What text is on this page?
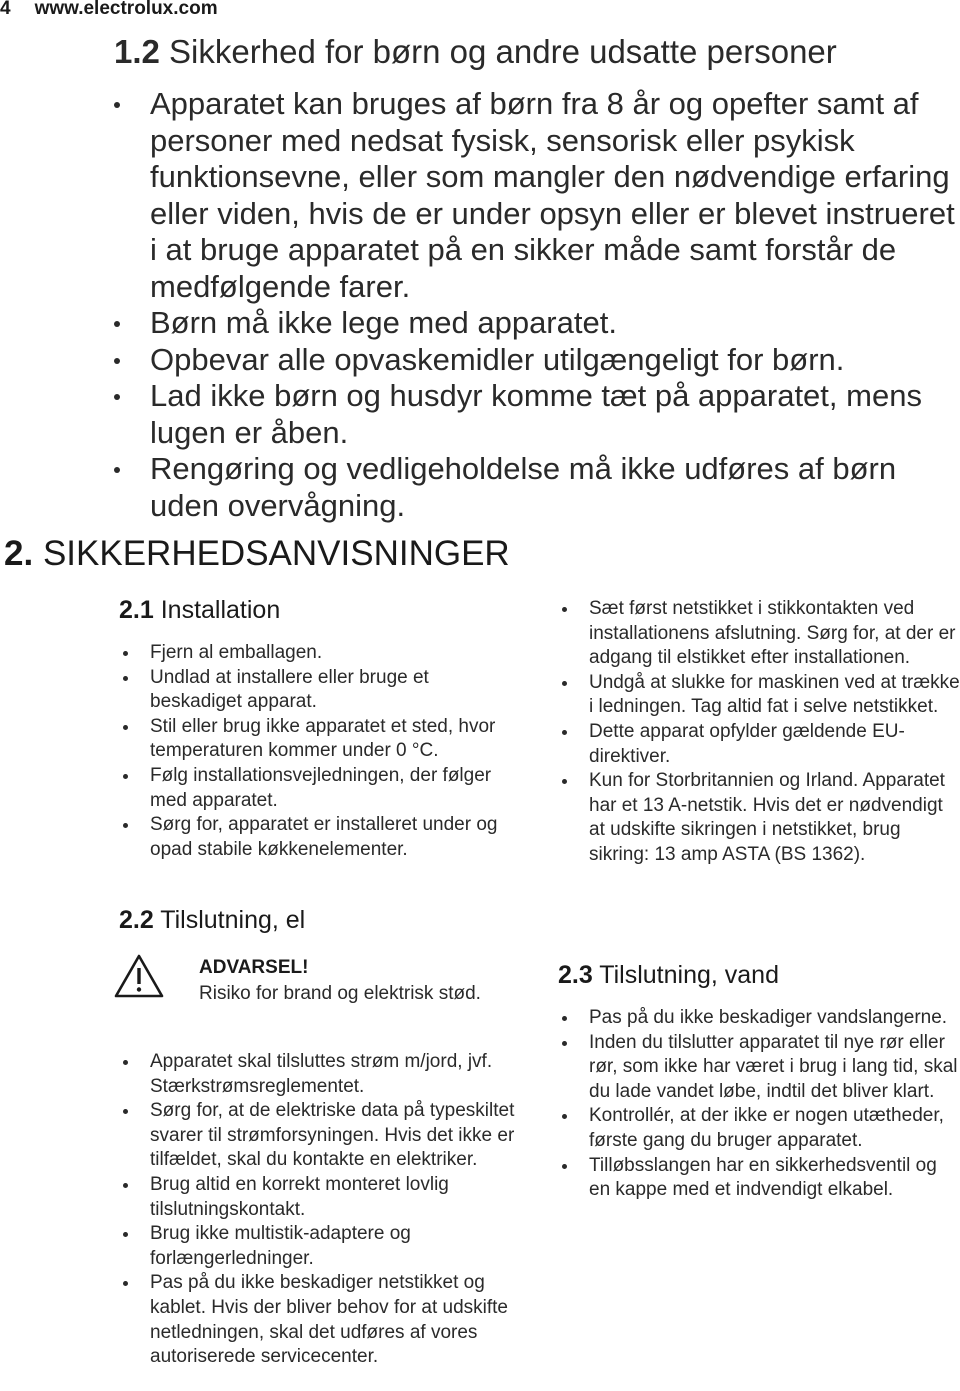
4 www.electrolux.com
1.2 Sikkerhed for børn og andre udsatte personer
Apparatet kan bruges af børn fra 8 år og opefter samt af personer med nedsat fysisk, sensorisk eller psykisk funktionsevne, eller som mangler den nødvendige erfaring eller viden, hvis de er under opsyn eller er blevet instrueret i at bruge apparatet på en sikker måde samt forstår de medfølgende farer.
Børn må ikke lege med apparatet.
Opbevar alle opvaskemidler utilgængeligt for børn.
Lad ikke børn og husdyr komme tæt på apparatet, mens lugen er åben.
Rengøring og vedligeholdelse må ikke udføres af børn uden overvågning.
2. SIKKERHEDSANVISNINGER
2.1 Installation
Fjern al emballagen.
Undlad at installere eller bruge et beskadiget apparat.
Stil eller brug ikke apparatet et sted, hvor temperaturen kommer under 0 °C.
Følg installationsvejledningen, der følger med apparatet.
Sørg for, apparatet er installeret under og opad stabile køkkenelementer.
2.2 Tilslutning, el
ADVARSEL!
Risiko for brand og elektrisk stød.
Apparatet skal tilsluttes strøm m/jord, jvf. Stærkstrømsreglementet.
Sørg for, at de elektriske data på typeskiltet svarer til strømforsyningen. Hvis det ikke er tilfældet, skal du kontakte en elektriker.
Brug altid en korrekt monteret lovlig tilslutningskontakt.
Brug ikke multistik-adaptere og forlængerledninger.
Pas på du ikke beskadiger netstikket og kablet. Hvis der bliver behov for at udskifte netledningen, skal det udføres af vores autoriserede servicecenter.
Sæt først netstikket i stikkontakten ved installationens afslutning. Sørg for, at der er adgang til elstikket efter installationen.
Undgå at slukke for maskinen ved at trække i ledningen. Tag altid fat i selve netstikket.
Dette apparat opfylder gældende EU-direktiver.
Kun for Storbritannien og Irland. Apparatet har et 13 A-netstik. Hvis det er nødvendigt at udskifte sikringen i netstikket, brug sikring: 13 amp ASTA (BS 1362).
2.3 Tilslutning, vand
Pas på du ikke beskadiger vandslangerne.
Inden du tilslutter apparatet til nye rør eller rør, som ikke har været i brug i lang tid, skal du lade vandet løbe, indtil det bliver klart.
Kontrollér, at der ikke er nogen utætheder, første gang du bruger apparatet.
Tilløbsslangen har en sikkerhedsventil og en kappe med et indvendigt elkabel.
